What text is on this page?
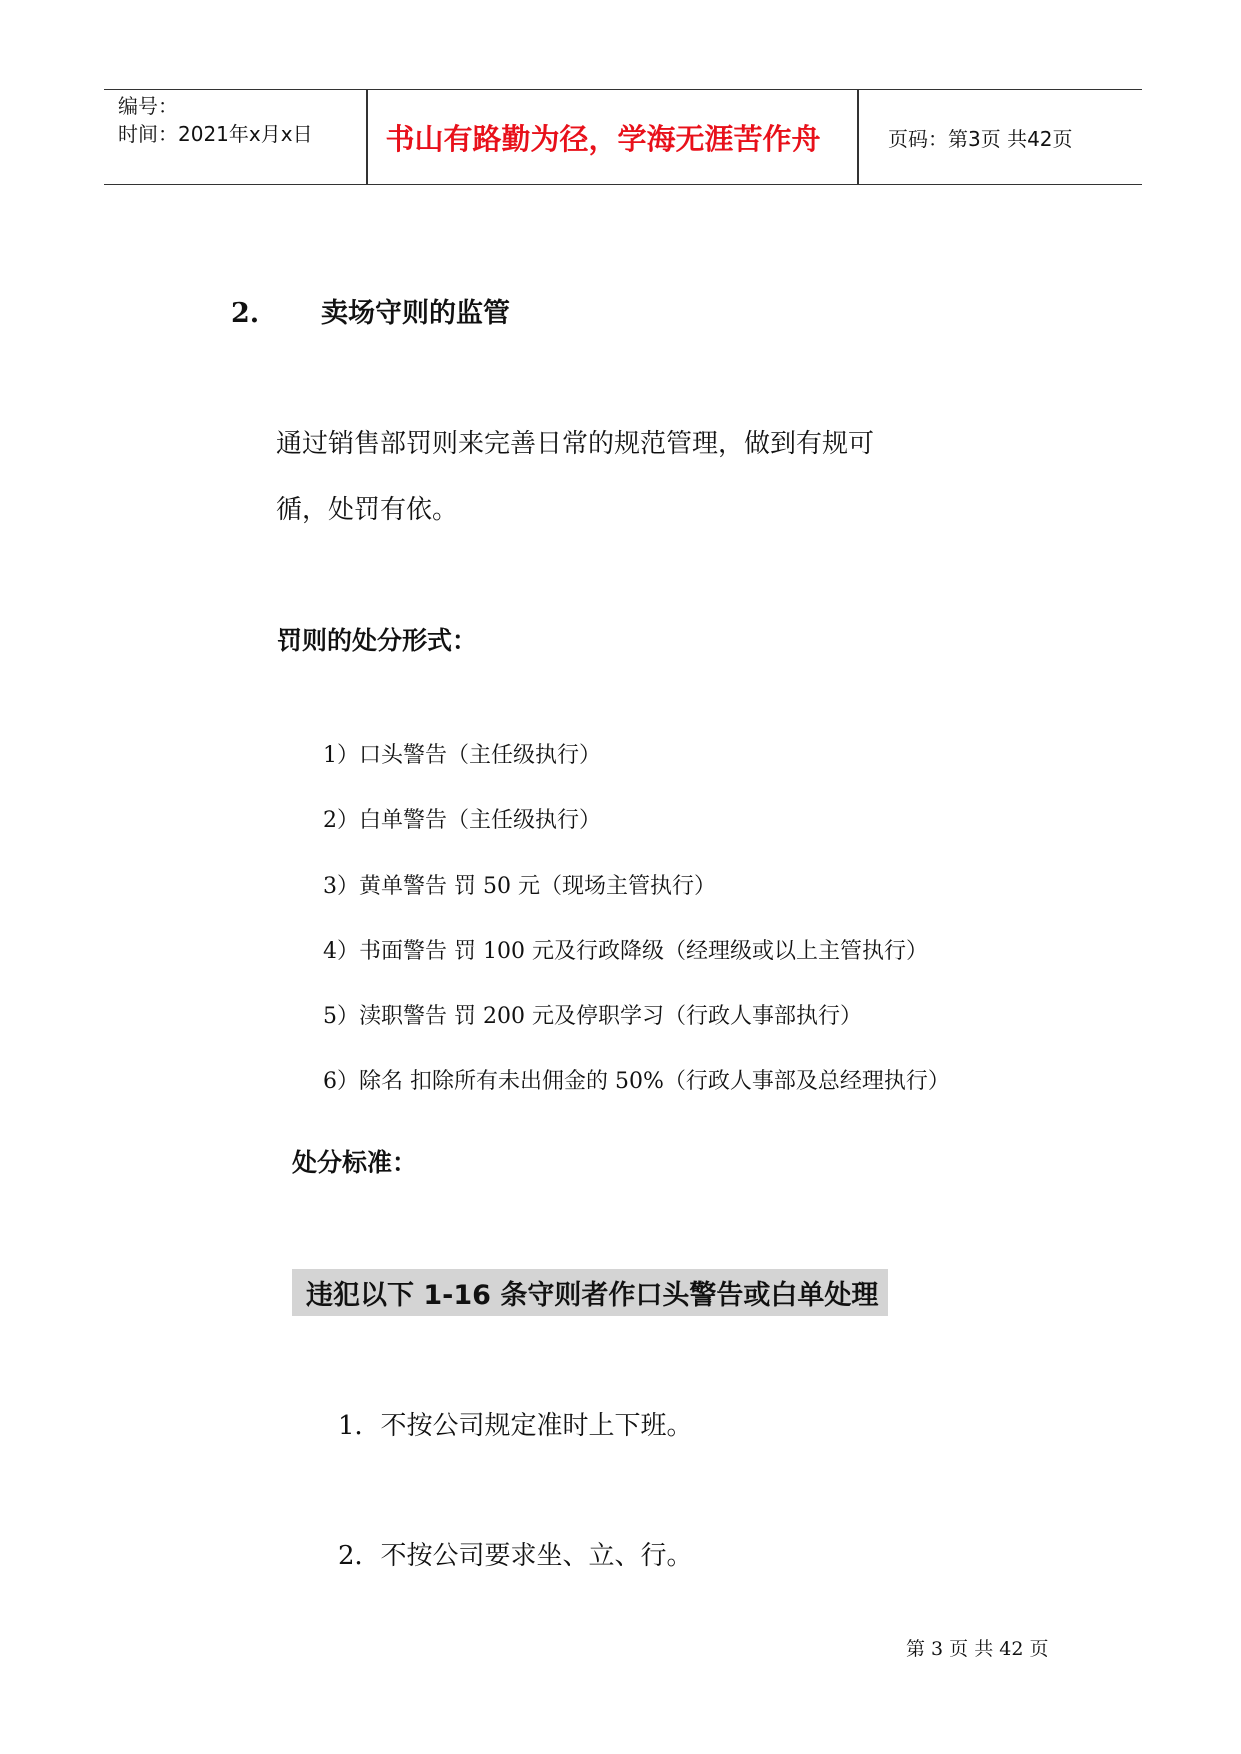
编号：
时间：2021年x月x日	书山有路勤为径，学海无涯苦作舟	页码：第3页 共42页
2. 卖场守则的监管
通过销售部罚则来完善日常的规范管理，做到有规可
循，处罚有依。
罚则的处分形式：
1）口头警告（主任级执行）
2）白单警告（主任级执行）
3）黄单警告 罚 50 元（现场主管执行）
4）书面警告 罚 100 元及行政降级（经理级或以上主管执行）
5）渎职警告 罚 200 元及停职学习（行政人事部执行）
6）除名 扣除所有未出佣金的 50%（行政人事部及总经理执行）
处分标准：
违犯以下 1-16 条守则者作口头警告或白单处理
1．不按公司规定准时上下班。
2．不按公司要求坐、立、行。
第 3 页 共 42 页
